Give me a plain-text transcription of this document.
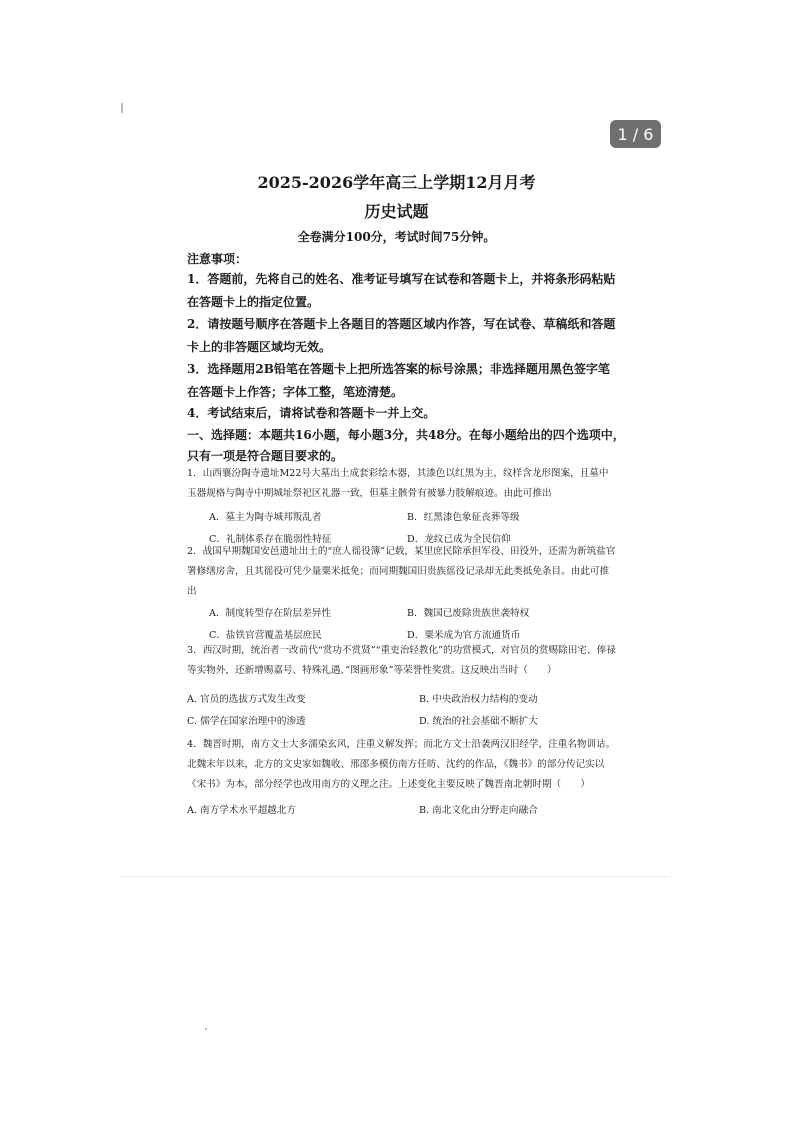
1 / 6
2025-2026学年高三上学期12月月考
历史试题
全卷满分100分，考试时间75分钟。
注意事项：
1．答题前，先将自己的姓名、准考证号填写在试卷和答题卡上，并将条形码粘贴在答题卡上的指定位置。
2．请按题号顺序在答题卡上各题目的答题区域内作答，写在试卷、草稿纸和答题卡上的非答题区域均无效。
3．选择题用2B铅笔在答题卡上把所选答案的标号涂黑；非选择题用黑色签字笔在答题卡上作答；字体工整，笔迹清楚。
4．考试结束后，请将试卷和答题卡一并上交。
一、选择题：本题共16小题，每小题3分，共48分。在每小题给出的四个选项中，只有一项是符合题目要求的。
1．山西襄汾陶寺遗址M22号大墓出土成套彩绘木器，其漆色以红黑为主，纹样含龙形图案，且墓中玉器规格与陶寺中期城址祭祀区礼器一致，但墓主骸骨有被暴力肢解痕迹。由此可推出
A．墓主为陶寺城邦叛乱者	B．红黑漆色象征丧葬等级
C．礼制体系存在脆弱性特征	D．龙纹已成为全民信仰
2．战国早期魏国安邑遗址出土的“庶人徭役簿”记载，某里庶民除承担军役、田役外，还需为新筑盐官署修缮房舍，且其徭役可凭少量粟米抵免；而同期魏国旧贵族徭役记录却无此类抵免条目。由此可推出
A．制度转型存在阶层差异性	B．魏国已废除贵族世袭特权
C．盐铁官营覆盖基层庶民	D．粟米成为官方流通货币
3．西汉时期，统治者一改前代“赏功不赏贤”“重吏治轻教化”的功赏模式，对官员的赏赐除田宅、俸禄等实物外，还新增赐嘉号、特殊礼遇、”图画形象”等荣誉性奖赏。这反映出当时（　　）
A. 官员的选拔方式发生改变	B. 中央政治权力结构的变动
C. 儒学在国家治理中的渗透	D. 统治的社会基础不断扩大
4．魏晋时期，南方文士大多濡染玄风，注重义解发挥；而北方文士沿袭两汉旧经学，注重名物训诂。北魏末年以来，北方的文史家如魏收、邢邵多模仿南方任昉、沈约的作品，《魏书》的部分传记实以《宋书》为本，部分经学也改用南方的义理之注。上述变化主要反映了魏晋南北朝时期（　　）
A. 南方学术水平超越北方	B. 南北文化由分野走向融合
